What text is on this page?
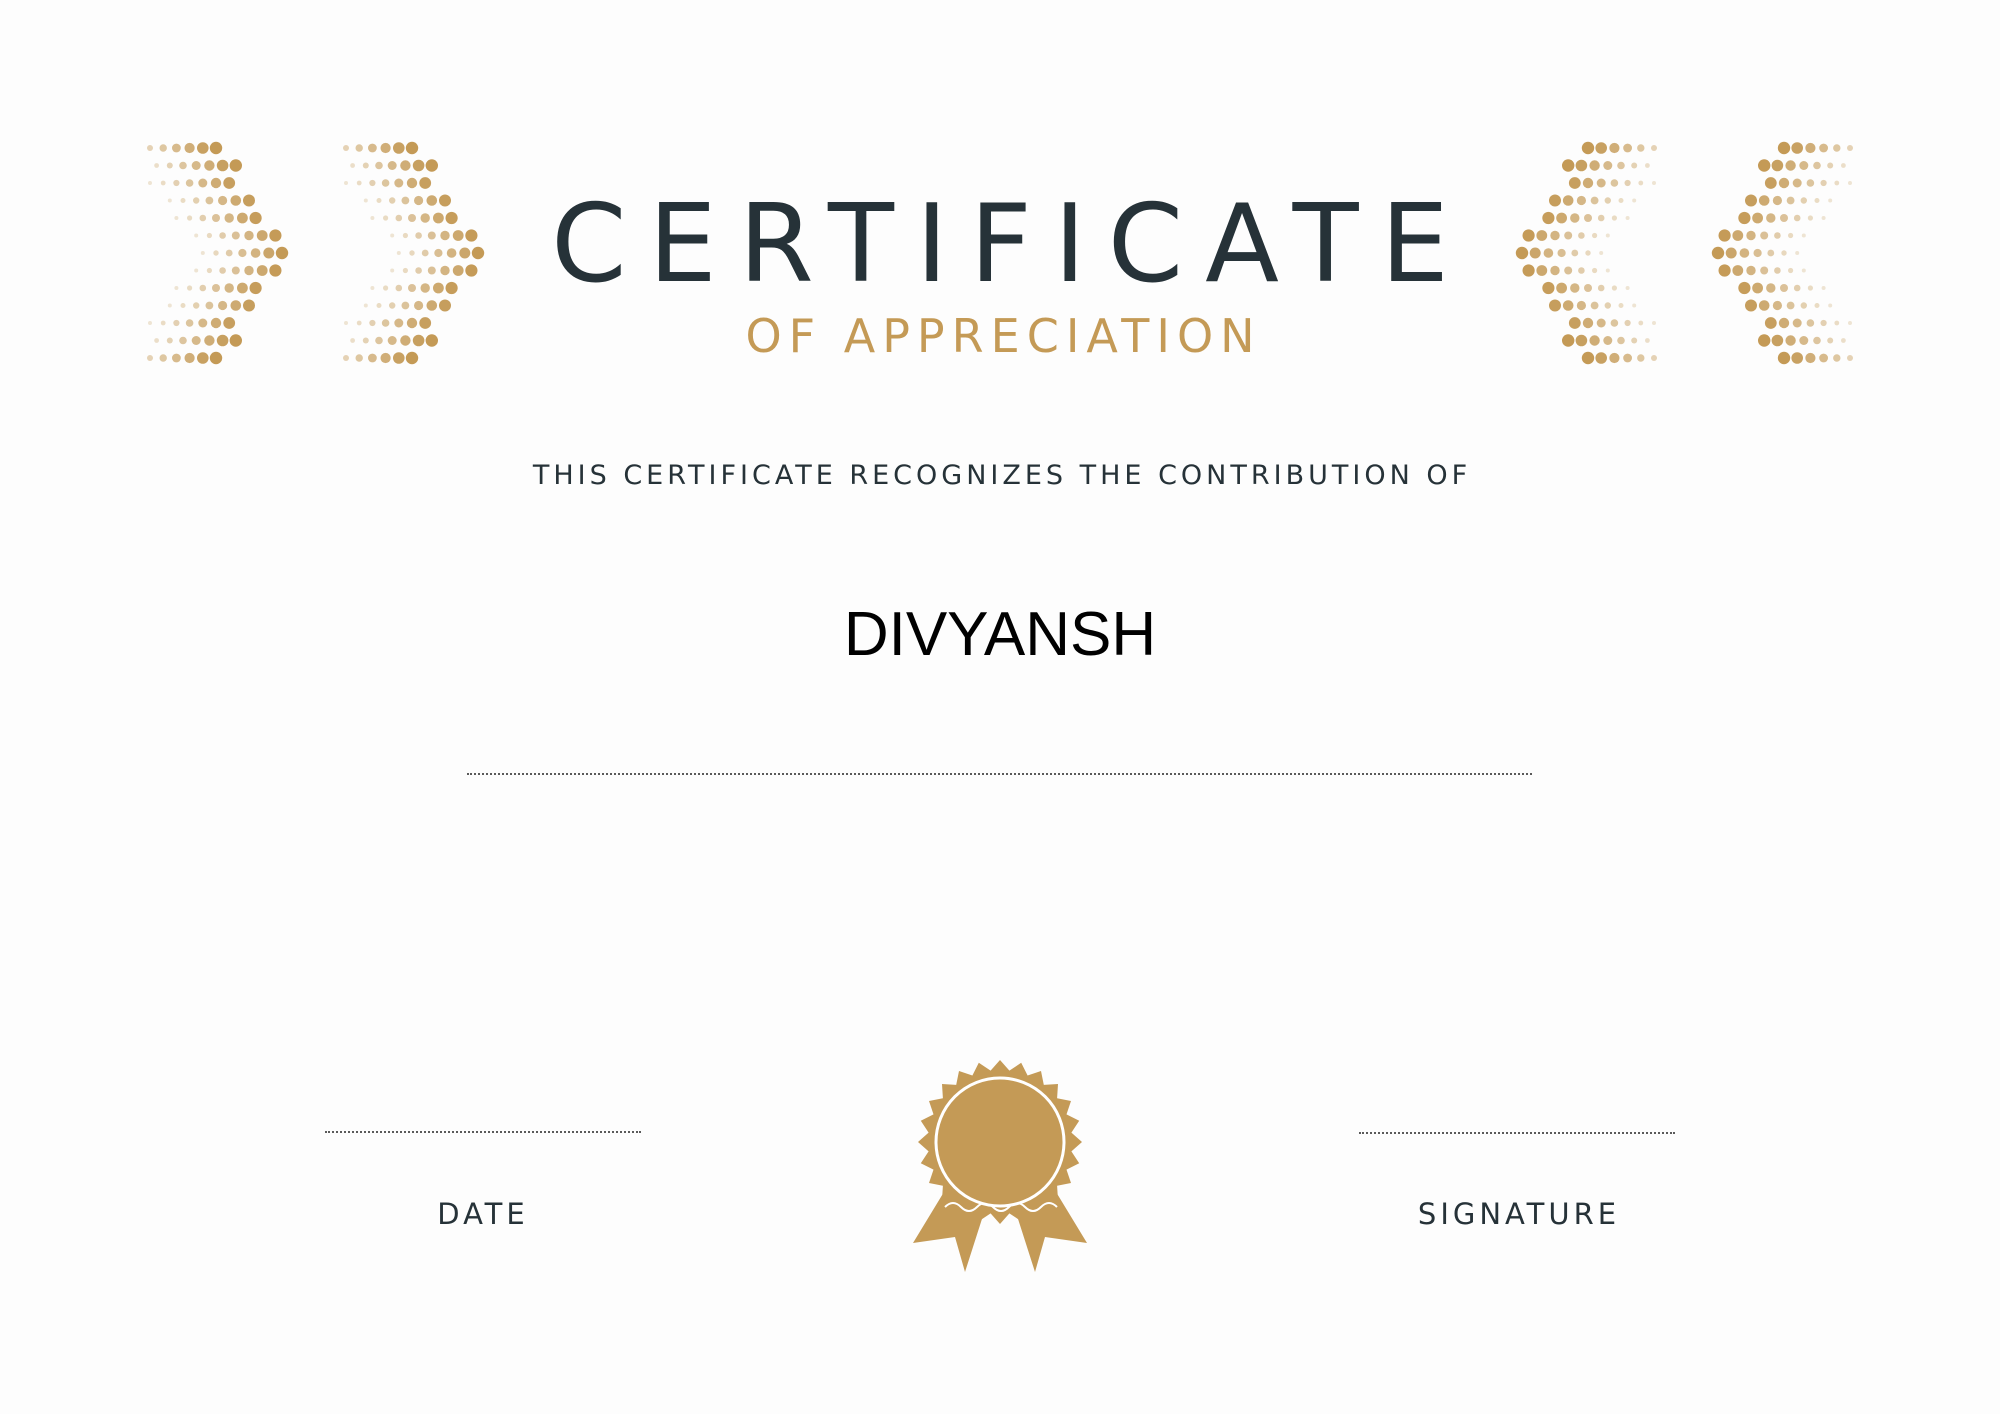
CERTIFICATE
OF APPRECIATION
THIS CERTIFICATE RECOGNIZES THE CONTRIBUTION OF
DIVYANSH
DATE	SIGNATURE
